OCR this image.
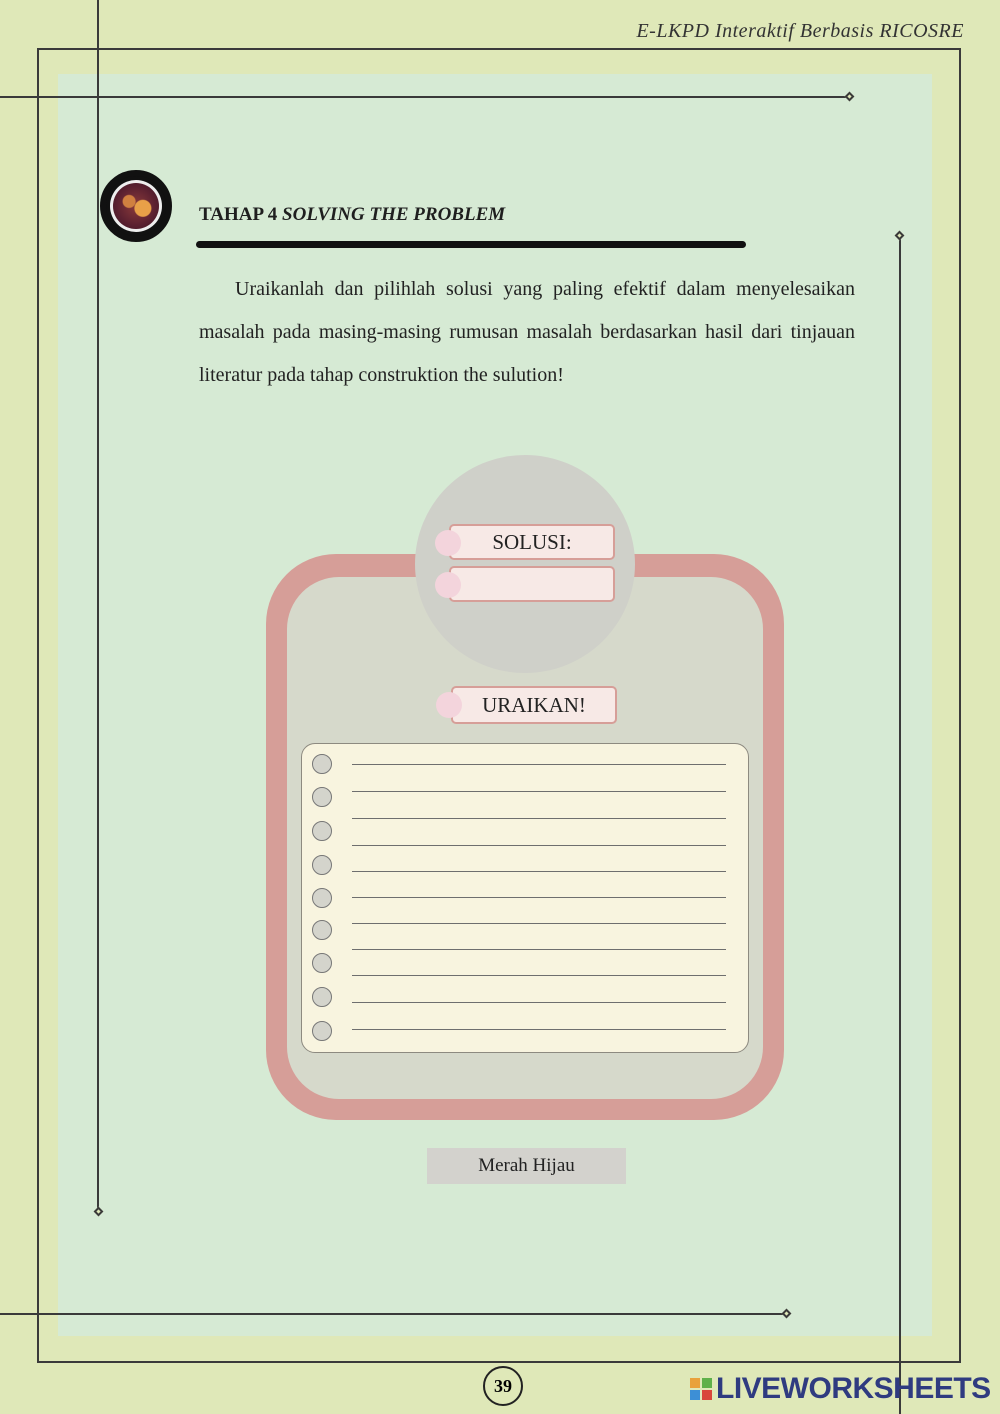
E-LKPD Interaktif Berbasis RICOSRE
TAHAP 4 SOLVING THE PROBLEM
Uraikanlah dan pilihlah solusi yang paling efektif dalam menyelesaikan masalah pada masing-masing rumusan masalah berdasarkan hasil dari tinjauan literatur pada tahap construktion the sulution!
SOLUSI:
URAIKAN!
Merah Hijau
39	LIVEWORKSHEETS
